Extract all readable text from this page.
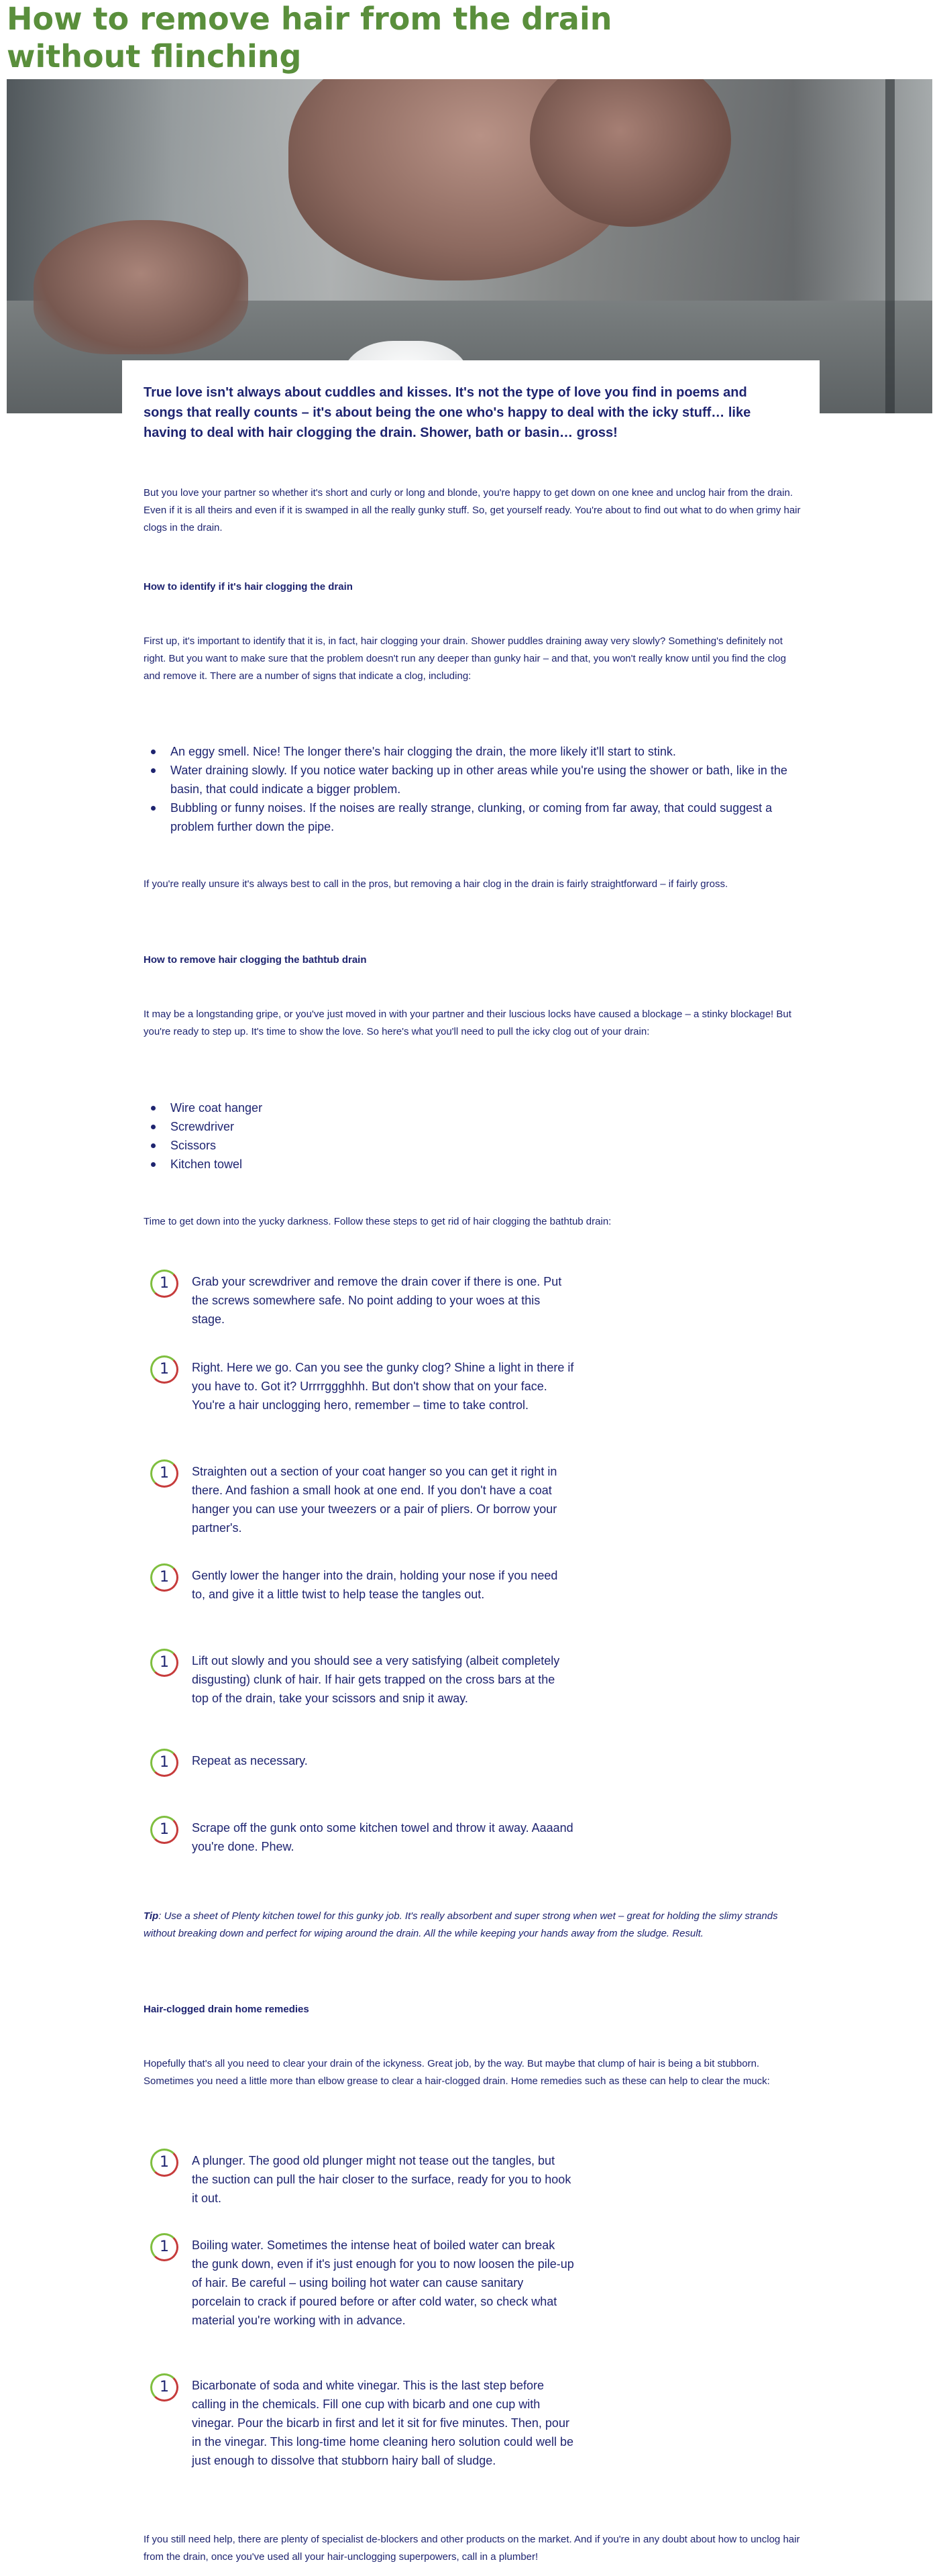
How to remove hair from the drain without flinching

True love isn't always about cuddles and kisses. It's not the type of love you find in poems and songs that really counts – it's about being the one who's happy to deal with the icky stuff… like having to deal with hair clogging the drain. Shower, bath or basin… gross!

But you love your partner so whether it's short and curly or long and blonde, you're happy to get down on one knee and unclog hair from the drain. Even if it is all theirs and even if it is swamped in all the really gunky stuff. So, get yourself ready. You're about to find out what to do when grimy hair clogs in the drain.

How to identify if it's hair clogging the drain

First up, it's important to identify that it is, in fact, hair clogging your drain. Shower puddles draining away very slowly? Something's definitely not right. But you want to make sure that the problem doesn't run any deeper than gunky hair – and that, you won't really know until you find the clog and remove it. There are a number of signs that indicate a clog, including:

An eggy smell. Nice! The longer there's hair clogging the drain, the more likely it'll start to stink.
Water draining slowly. If you notice water backing up in other areas while you're using the shower or bath, like in the basin, that could indicate a bigger problem.
Bubbling or funny noises. If the noises are really strange, clunking, or coming from far away, that could suggest a problem further down the pipe.

If you're really unsure it's always best to call in the pros, but removing a hair clog in the drain is fairly straightforward – if fairly gross.

How to remove hair clogging the bathtub drain

It may be a longstanding gripe, or you've just moved in with your partner and their luscious locks have caused a blockage – a stinky blockage! But you're ready to step up. It's time to show the love. So here's what you'll need to pull the icky clog out of your drain:

Wire coat hanger
Screwdriver
Scissors
Kitchen towel

Time to get down into the yucky darkness. Follow these steps to get rid of hair clogging the bathtub drain:

1	Grab your screwdriver and remove the drain cover if there is one. Put the screws somewhere safe. No point adding to your woes at this stage.
1	Right. Here we go. Can you see the gunky clog? Shine a light in there if you have to. Got it? Urrrrggghhh. But don't show that on your face. You're a hair unclogging hero, remember – time to take control.
1	Straighten out a section of your coat hanger so you can get it right in there. And fashion a small hook at one end. If you don't have a coat hanger you can use your tweezers or a pair of pliers. Or borrow your partner's.
1	Gently lower the hanger into the drain, holding your nose if you need to, and give it a little twist to help tease the tangles out.
1	Lift out slowly and you should see a very satisfying (albeit completely disgusting) clunk of hair. If hair gets trapped on the cross bars at the top of the drain, take your scissors and snip it away.
1	Repeat as necessary.
1	Scrape off the gunk onto some kitchen towel and throw it away. Aaaand you're done. Phew.

Tip: Use a sheet of Plenty kitchen towel for this gunky job. It's really absorbent and super strong when wet – great for holding the slimy strands without breaking down and perfect for wiping around the drain. All the while keeping your hands away from the sludge. Result.

Hair-clogged drain home remedies

Hopefully that's all you need to clear your drain of the ickyness. Great job, by the way. But maybe that clump of hair is being a bit stubborn. Sometimes you need a little more than elbow grease to clear a hair-clogged drain. Home remedies such as these can help to clear the muck:

1	A plunger. The good old plunger might not tease out the tangles, but the suction can pull the hair closer to the surface, ready for you to hook it out.
1	Boiling water. Sometimes the intense heat of boiled water can break the gunk down, even if it's just enough for you to now loosen the pile-up of hair. Be careful – using boiling hot water can cause sanitary porcelain to crack if poured before or after cold water, so check what material you're working with in advance.
1	Bicarbonate of soda and white vinegar. This is the last step before calling in the chemicals. Fill one cup with bicarb and one cup with vinegar. Pour the bicarb in first and let it sit for five minutes. Then, pour in the vinegar. This long-time home cleaning hero solution could well be just enough to dissolve that stubborn hairy ball of sludge.

If you still need help, there are plenty of specialist de-blockers and other products on the market. And if you're in any doubt about how to unclog hair from the drain, once you've used all your hair-unclogging superpowers, call in a plumber!
